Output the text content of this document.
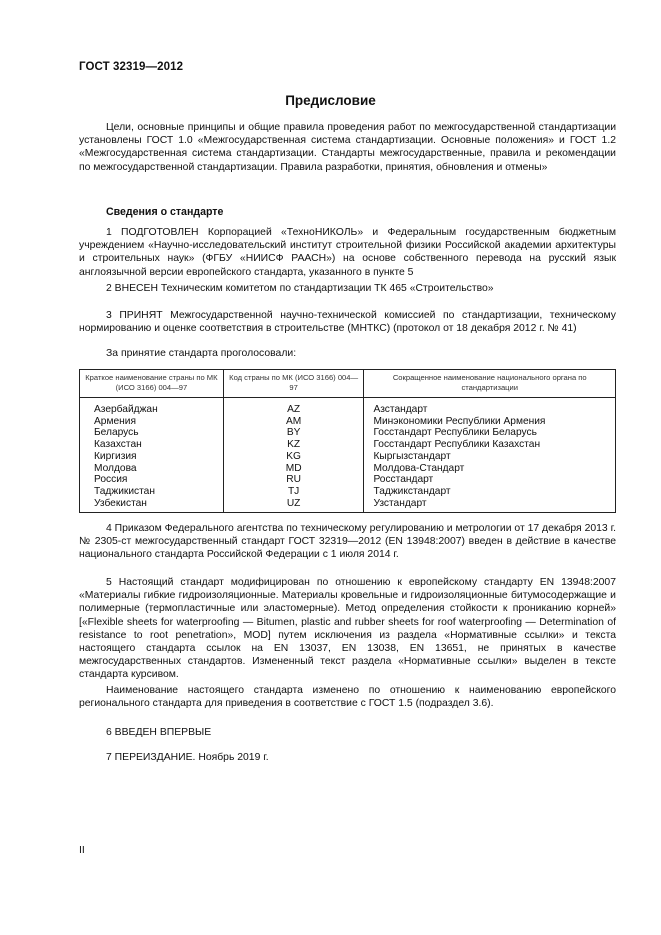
ГОСТ 32319—2012
Предисловие

Цели, основные принципы и общие правила проведения работ по межгосударственной стандартизации установлены ГОСТ 1.0 «Межгосударственная система стандартизации. Основные положения» и ГОСТ 1.2 «Межгосударственная система стандартизации. Стандарты межгосударственные, правила и рекомендации по межгосударственной стандартизации. Правила разработки, принятия, обновления и отмены»

Сведения о стандарте

1 ПОДГОТОВЛЕН Корпорацией «ТехноНИКОЛЬ» и Федеральным государственным бюджетным учреждением «Научно-исследовательский институт строительной физики Российской академии архитектуры и строительных наук» (ФГБУ «НИИСФ РААСН») на основе собственного перевода на русский язык англоязычной версии европейского стандарта, указанного в пункте 5

2 ВНЕСЕН Техническим комитетом по стандартизации ТК 465 «Строительство»

3 ПРИНЯТ Межгосударственной научно-технической комиссией по стандартизации, техническому нормированию и оценке соответствия в строительстве (МНТКС) (протокол от 18 декабря 2012 г. № 41)

За принятие стандарта проголосовали:

Краткое наименование страны по МК (ИСО 3166) 004—97	Код страны по МК (ИСО 3166) 004—97	Сокращенное наименование национального органа по стандартизации
Азербайджан	AZ	Азстандарт
Армения	AM	Минэкономики Республики Армения
Беларусь	BY	Госстандарт Республики Беларусь
Казахстан	KZ	Госстандарт Республики Казахстан
Киргизия	KG	Кыргызстандарт
Молдова	MD	Молдова-Стандарт
Россия	RU	Росстандарт
Таджикистан	TJ	Таджикстандарт
Узбекистан	UZ	Узстандарт

4 Приказом Федерального агентства по техническому регулированию и метрологии от 17 декабря 2013 г. № 2305-ст межгосударственный стандарт ГОСТ 32319—2012 (EN 13948:2007) введен в действие в качестве национального стандарта Российской Федерации с 1 июля 2014 г.

5 Настоящий стандарт модифицирован по отношению к европейскому стандарту EN 13948:2007 «Материалы гибкие гидроизоляционные. Материалы кровельные и гидроизоляционные битумосодержащие и полимерные (термопластичные или эластомерные). Метод определения стойкости к прониканию корней» [«Flexible sheets for waterproofing — Bitumen, plastic and rubber sheets for roof waterproofing — Determination of resistance to root penetration», MOD] путем исключения из раздела «Нормативные ссылки» и текста настоящего стандарта ссылок на EN 13037, EN 13038, EN 13651, не принятых в качестве межгосударственных стандартов. Измененный текст раздела «Нормативные ссылки» выделен в тексте стандарта курсивом.

Наименование настоящего стандарта изменено по отношению к наименованию европейского регионального стандарта для приведения в соответствие с ГОСТ 1.5 (подраздел 3.6).

6 ВВЕДЕН ВПЕРВЫЕ

7 ПЕРЕИЗДАНИЕ. Ноябрь 2019 г.

II
